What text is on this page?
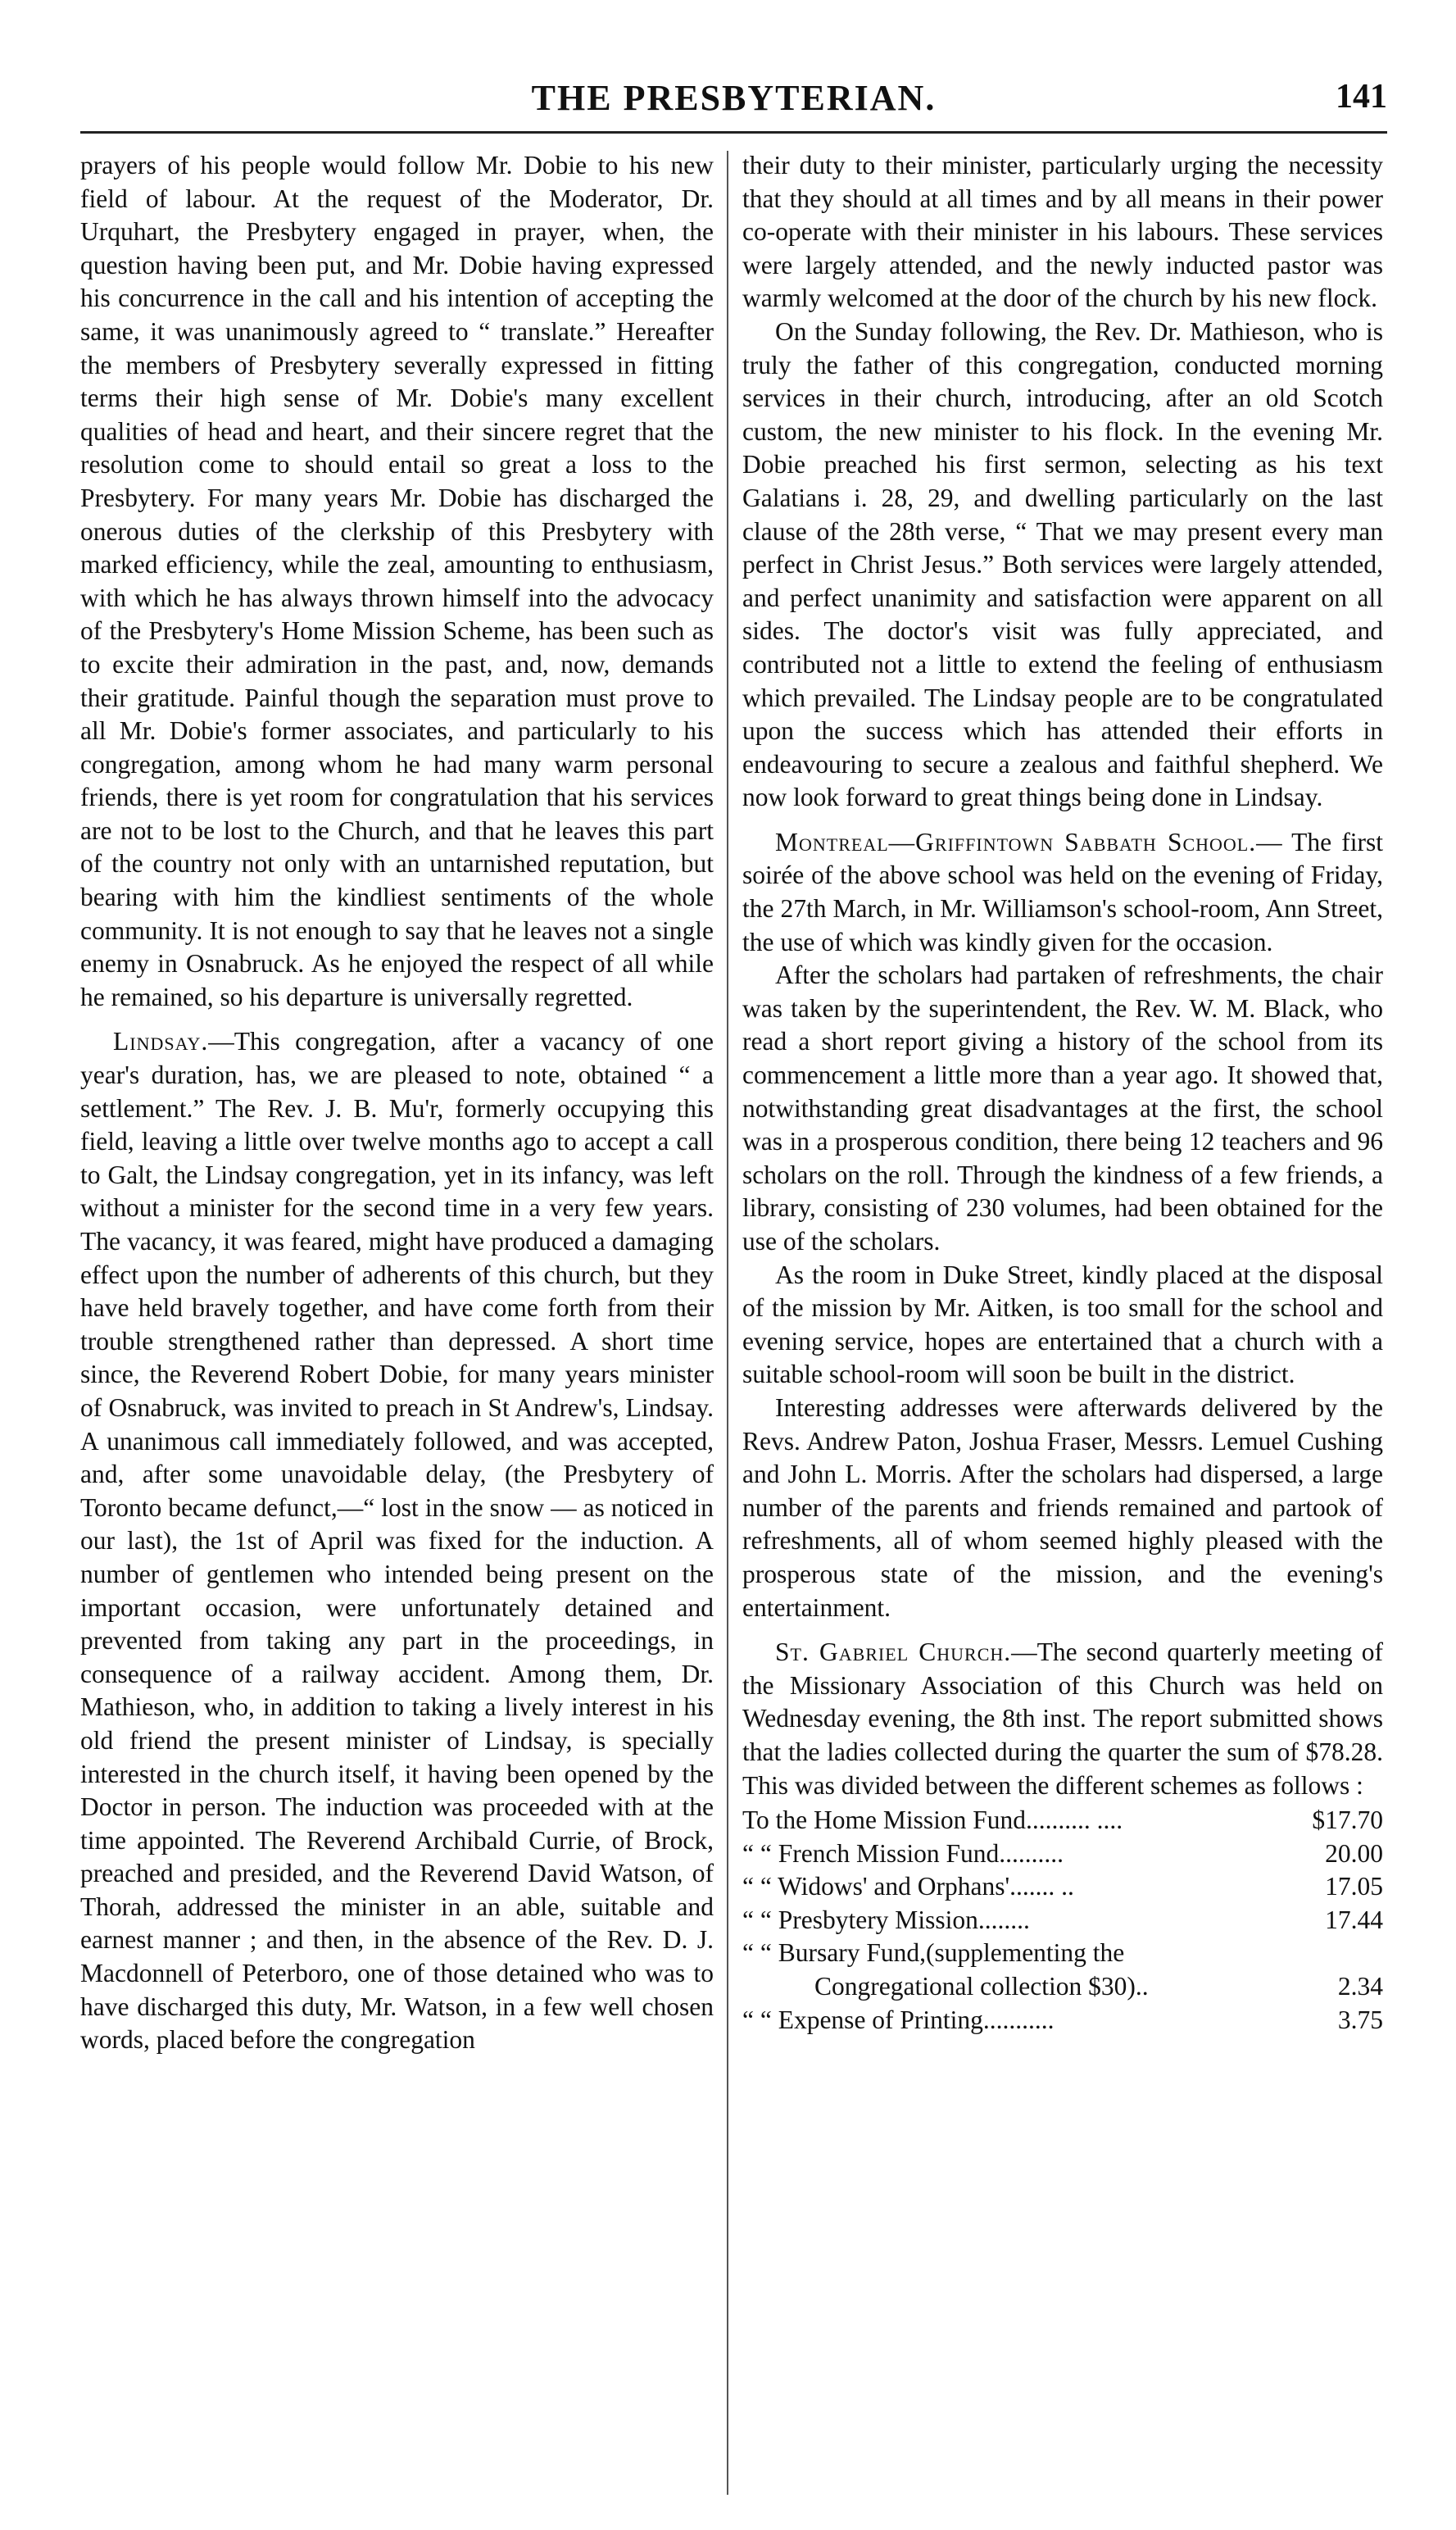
THE PRESBYTERIAN.	141

prayers of his people would follow Mr. Dobie to his new field of labour. At the request of the Moderator, Dr. Urquhart, the Presbytery engaged in prayer, when, the question having been put, and Mr. Dobie having expressed his concurrence in the call and his intention of accepting the same, it was unanimously agreed to “ translate.” Hereafter the members of Presbytery severally expressed in fitting terms their high sense of Mr. Dobie's many excellent qualities of head and heart, and their sincere regret that the resolution come to should entail so great a loss to the Presbytery. For many years Mr. Dobie has discharged the onerous duties of the clerkship of this Presbytery with marked efficiency, while the zeal, amounting to enthusiasm, with which he has always thrown himself into the advocacy of the Presbytery's Home Mission Scheme, has been such as to excite their admiration in the past, and, now, demands their gratitude. Painful though the separation must prove to all Mr. Dobie's former associates, and particularly to his congregation, among whom he had many warm personal friends, there is yet room for congratulation that his services are not to be lost to the Church, and that he leaves this part of the country not only with an untarnished reputation, but bearing with him the kindliest sentiments of the whole community. It is not enough to say that he leaves not a single enemy in Osnabruck. As he enjoyed the respect of all while he remained, so his departure is universally regretted.

Lindsay.—This congregation, after a vacancy of one year's duration, has, we are pleased to note, obtained “ a settlement.” The Rev. J. B. Mu'r, formerly occupying this field, leaving a little over twelve months ago to accept a call to Galt, the Lindsay congregation, yet in its infancy, was left without a minister for the second time in a very few years. The vacancy, it was feared, might have produced a damaging effect upon the number of adherents of this church, but they have held bravely together, and have come forth from their trouble strengthened rather than depressed. A short time since, the Reverend Robert Dobie, for many years minister of Osnabruck, was invited to preach in St Andrew's, Lindsay. A unanimous call immediately followed, and was accepted, and, after some unavoidable delay, (the Presbytery of Toronto became defunct,—“ lost in the snow — as noticed in our last), the 1st of April was fixed for the induction. A number of gentlemen who intended being present on the important occasion, were unfortunately detained and prevented from taking any part in the proceedings, in consequence of a railway accident. Among them, Dr. Mathieson, who, in addition to taking a lively interest in his old friend the present minister of Lindsay, is specially interested in the church itself, it having been opened by the Doctor in person. The induction was proceeded with at the time appointed. The Reverend Archibald Currie, of Brock, preached and presided, and the Reverend David Watson, of Thorah, addressed the minister in an able, suitable and earnest manner ; and then, in the absence of the Rev. D. J. Macdonnell of Peterboro, one of those detained who was to have discharged this duty, Mr. Watson, in a few well chosen words, placed before the congregation

their duty to their minister, particularly urging the necessity that they should at all times and by all means in their power co-operate with their minister in his labours. These services were largely attended, and the newly inducted pastor was warmly welcomed at the door of the church by his new flock.

On the Sunday following, the Rev. Dr. Mathieson, who is truly the father of this congregation, conducted morning services in their church, introducing, after an old Scotch custom, the new minister to his flock. In the evening Mr. Dobie preached his first sermon, selecting as his text Galatians i. 28, 29, and dwelling particularly on the last clause of the 28th verse, “ That we may present every man perfect in Christ Jesus.” Both services were largely attended, and perfect unanimity and satisfaction were apparent on all sides. The doctor's visit was fully appreciated, and contributed not a little to extend the feeling of enthusiasm which prevailed. The Lindsay people are to be congratulated upon the success which has attended their efforts in endeavouring to secure a zealous and faithful shepherd. We now look forward to great things being done in Lindsay.

Montreal—Griffintown Sabbath School.— The first soirée of the above school was held on the evening of Friday, the 27th March, in Mr. Williamson's school-room, Ann Street, the use of which was kindly given for the occasion.

After the scholars had partaken of refreshments, the chair was taken by the superintendent, the Rev. W. M. Black, who read a short report giving a history of the school from its commencement a little more than a year ago. It showed that, notwithstanding great disadvantages at the first, the school was in a prosperous condition, there being 12 teachers and 96 scholars on the roll. Through the kindness of a few friends, a library, consisting of 230 volumes, had been obtained for the use of the scholars.

As the room in Duke Street, kindly placed at the disposal of the mission by Mr. Aitken, is too small for the school and evening service, hopes are entertained that a church with a suitable school-room will soon be built in the district.

Interesting addresses were afterwards delivered by the Revs. Andrew Paton, Joshua Fraser, Messrs. Lemuel Cushing and John L. Morris. After the scholars had dispersed, a large number of the parents and friends remained and partook of refreshments, all of whom seemed highly pleased with the prosperous state of the mission, and the evening's entertainment.

St. Gabriel Church.—The second quarterly meeting of the Missionary Association of this Church was held on Wednesday evening, the 8th inst. The report submitted shows that the ladies collected during the quarter the sum of $78.28. This was divided between the different schemes as follows :

To the Home Mission Fund.......... ....	$17.70
“ “ French Mission Fund..........	20.00
“ “ Widows' and Orphans'....... ..	17.05
“ “ Presbytery Mission........	17.44
“ “ Bursary Fund,(supplementing the
Congregational collection $30)..	2.34
“ “ Expense of Printing...........	3.75
